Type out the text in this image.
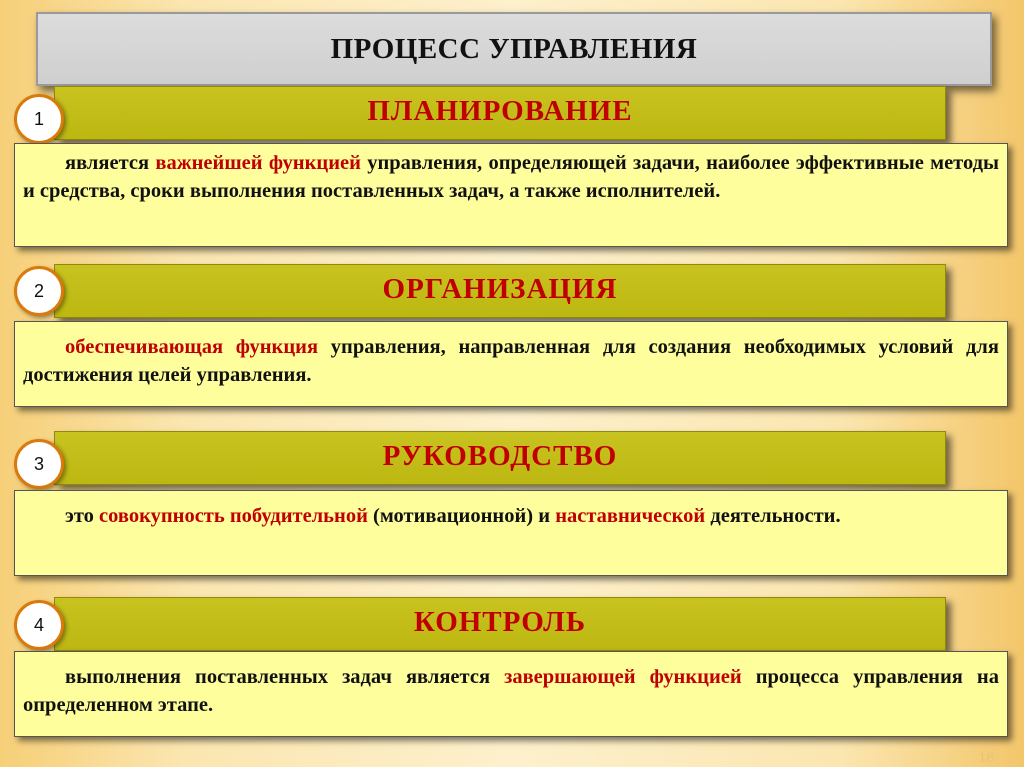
ПРОЦЕСС УПРАВЛЕНИЯ
ПЛАНИРОВАНИЕ
1

является важнейшей функцией управления, определяющей задачи, наиболее эффективные методы и средства, сроки выполнения поставленных задач, а также исполнителей.

ОРГАНИЗАЦИЯ
2

обеспечивающая функция управления, направленная для создания необходимых условий для достижения целей управления.

РУКОВОДСТВО
3

это совокупность побудительной (мотивационной) и наставнической деятельности.

КОНТРОЛЬ
4

выполнения поставленных задач является завершающей функцией процесса управления на определенном этапе.

18
